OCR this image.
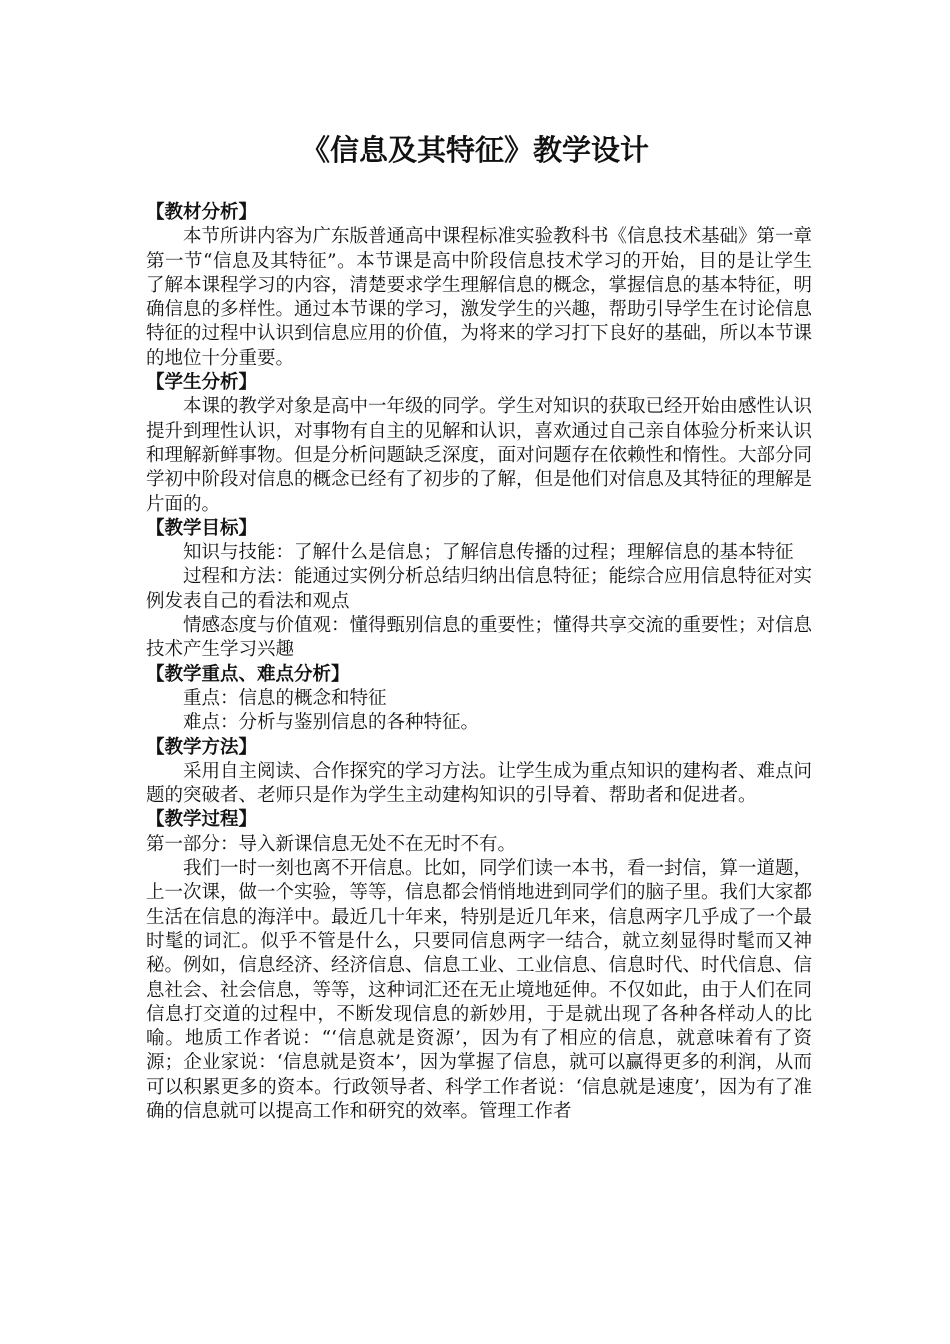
《信息及其特征》教学设计

【教材分析】

本节所讲内容为广东版普通高中课程标准实验教科书《信息技术基础》第一章第一节“信息及其特征”。本节课是高中阶段信息技术学习的开始，目的是让学生了解本课程学习的内容，清楚要求学生理解信息的概念，掌握信息的基本特征，明确信息的多样性。通过本节课的学习，激发学生的兴趣，帮助引导学生在讨论信息特征的过程中认识到信息应用的价值，为将来的学习打下良好的基础，所以本节课的地位十分重要。

【学生分析】

本课的教学对象是高中一年级的同学。学生对知识的获取已经开始由感性认识提升到理性认识，对事物有自主的见解和认识，喜欢通过自己亲自体验分析来认识和理解新鲜事物。但是分析问题缺乏深度，面对问题存在依赖性和惰性。大部分同学初中阶段对信息的概念已经有了初步的了解，但是他们对信息及其特征的理解是片面的。

【教学目标】

知识与技能：了解什么是信息；了解信息传播的过程；理解信息的基本特征

过程和方法：能通过实例分析总结归纳出信息特征；能综合应用信息特征对实例发表自己的看法和观点

情感态度与价值观：懂得甄别信息的重要性；懂得共享交流的重要性；对信息技术产生学习兴趣

【教学重点、难点分析】

重点：信息的概念和特征

难点：分析与鉴别信息的各种特征。

【教学方法】

采用自主阅读、合作探究的学习方法。让学生成为重点知识的建构者、难点问题的突破者、老师只是作为学生主动建构知识的引导着、帮助者和促进者。

【教学过程】

第一部分：导入新课信息无处不在无时不有。

我们一时一刻也离不开信息。比如，同学们读一本书，看一封信，算一道题，上一次课，做一个实验，等等，信息都会悄悄地进到同学们的脑子里。我们大家都生活在信息的海洋中。最近几十年来，特别是近几年来，信息两字几乎成了一个最时髦的词汇。似乎不管是什么，只要同信息两字一结合，就立刻显得时髦而又神秘。例如，信息经济、经济信息、信息工业、工业信息、信息时代、时代信息、信息社会、社会信息，等等，这种词汇还在无止境地延伸。不仅如此，由于人们在同信息打交道的过程中，不断发现信息的新妙用，于是就出现了各种各样动人的比喻。地质工作者说：“‘信息就是资源’，因为有了相应的信息，就意味着有了资源；企业家说：‘信息就是资本’，因为掌握了信息，就可以赢得更多的利润，从而可以积累更多的资本。行政领导者、科学工作者说：‘信息就是速度’，因为有了准确的信息就可以提高工作和研究的效率。管理工作者
